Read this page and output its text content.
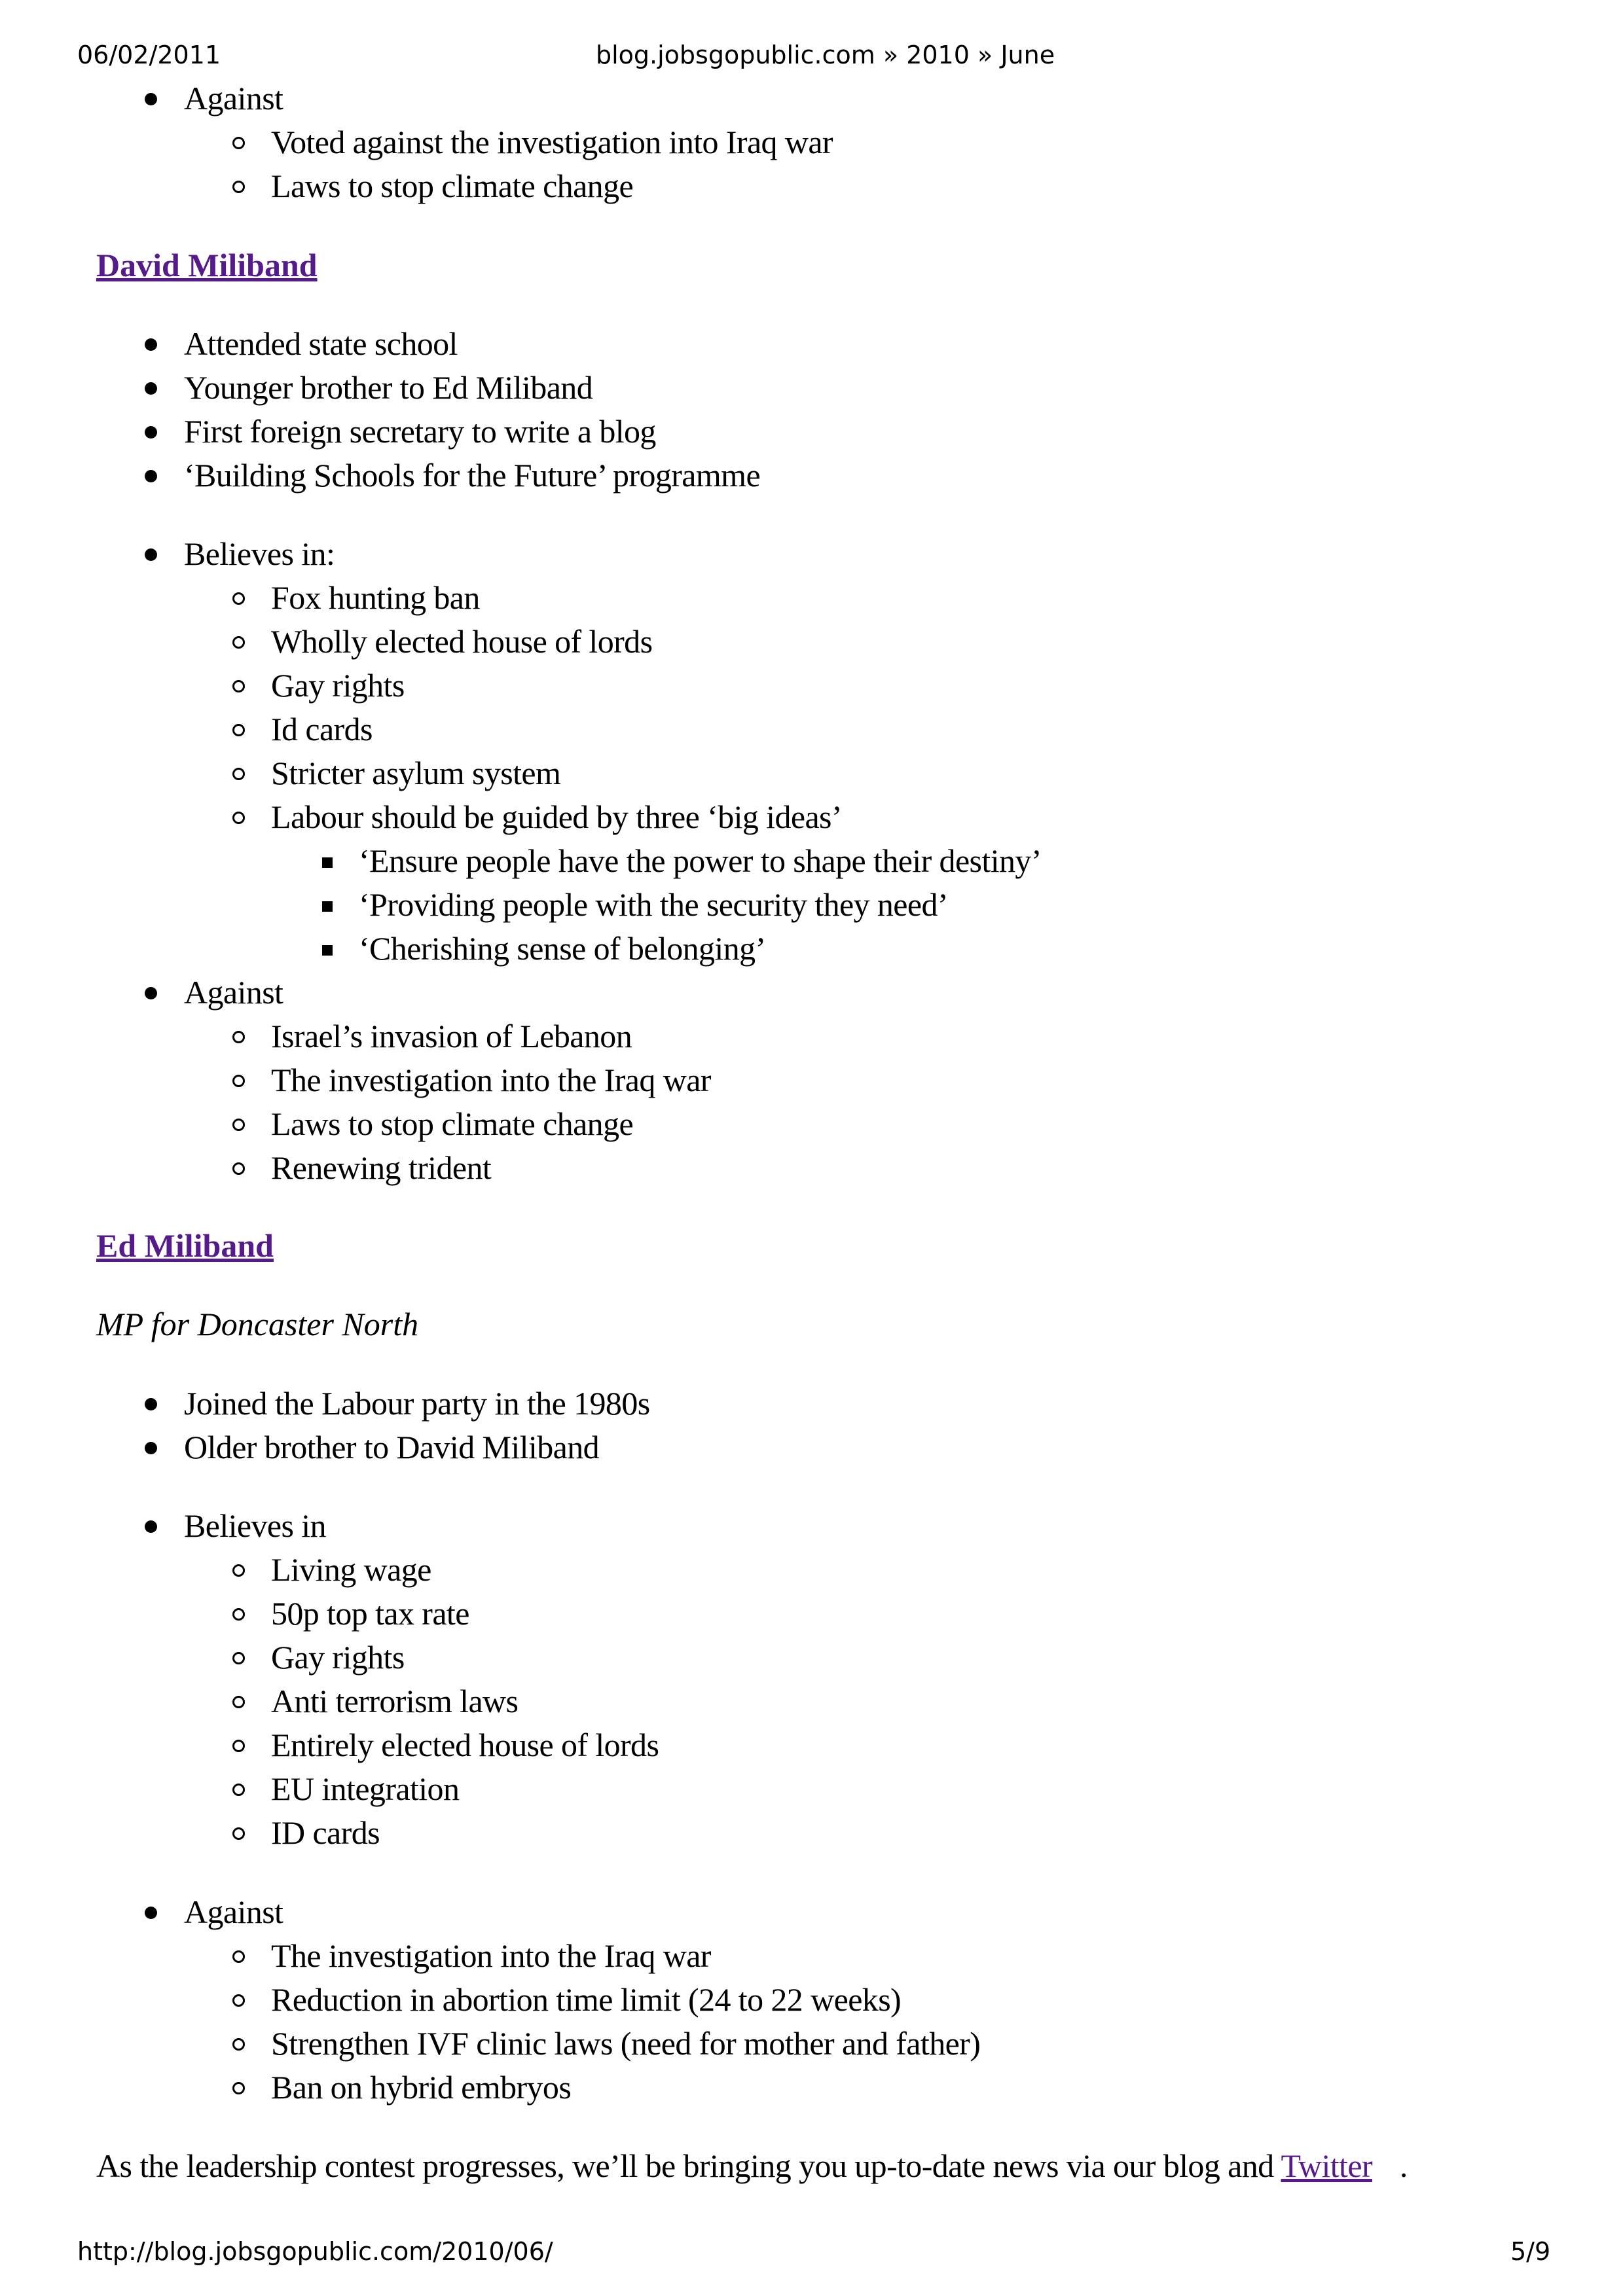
06/02/2011	blog.jobsgopublic.com » 2010 » June
Against
Voted against the investigation into Iraq war
Laws to stop climate change
David Miliband
Attended state school
Younger brother to Ed Miliband
First foreign secretary to write a blog
‘Building Schools for the Future’ programme
Believes in:
Fox hunting ban
Wholly elected house of lords
Gay rights
Id cards
Stricter asylum system
Labour should be guided by three ‘big ideas’
‘Ensure people have the power to shape their destiny’
‘Providing people with the security they need’
‘Cherishing sense of belonging’
Against
Israel’s invasion of Lebanon
The investigation into the Iraq war
Laws to stop climate change
Renewing trident
Ed Miliband
MP for Doncaster North
Joined the Labour party in the 1980s
Older brother to David Miliband
Believes in
Living wage
50p top tax rate
Gay rights
Anti terrorism laws
Entirely elected house of lords
EU integration
ID cards
Against
The investigation into the Iraq war
Reduction in abortion time limit (24 to 22 weeks)
Strengthen IVF clinic laws (need for mother and father)
Ban on hybrid embryos
As the leadership contest progresses, we’ll be bringing you up-to-date news via our blog and Twitter .
http://blog.jobsgopublic.com/2010/06/	5/9
